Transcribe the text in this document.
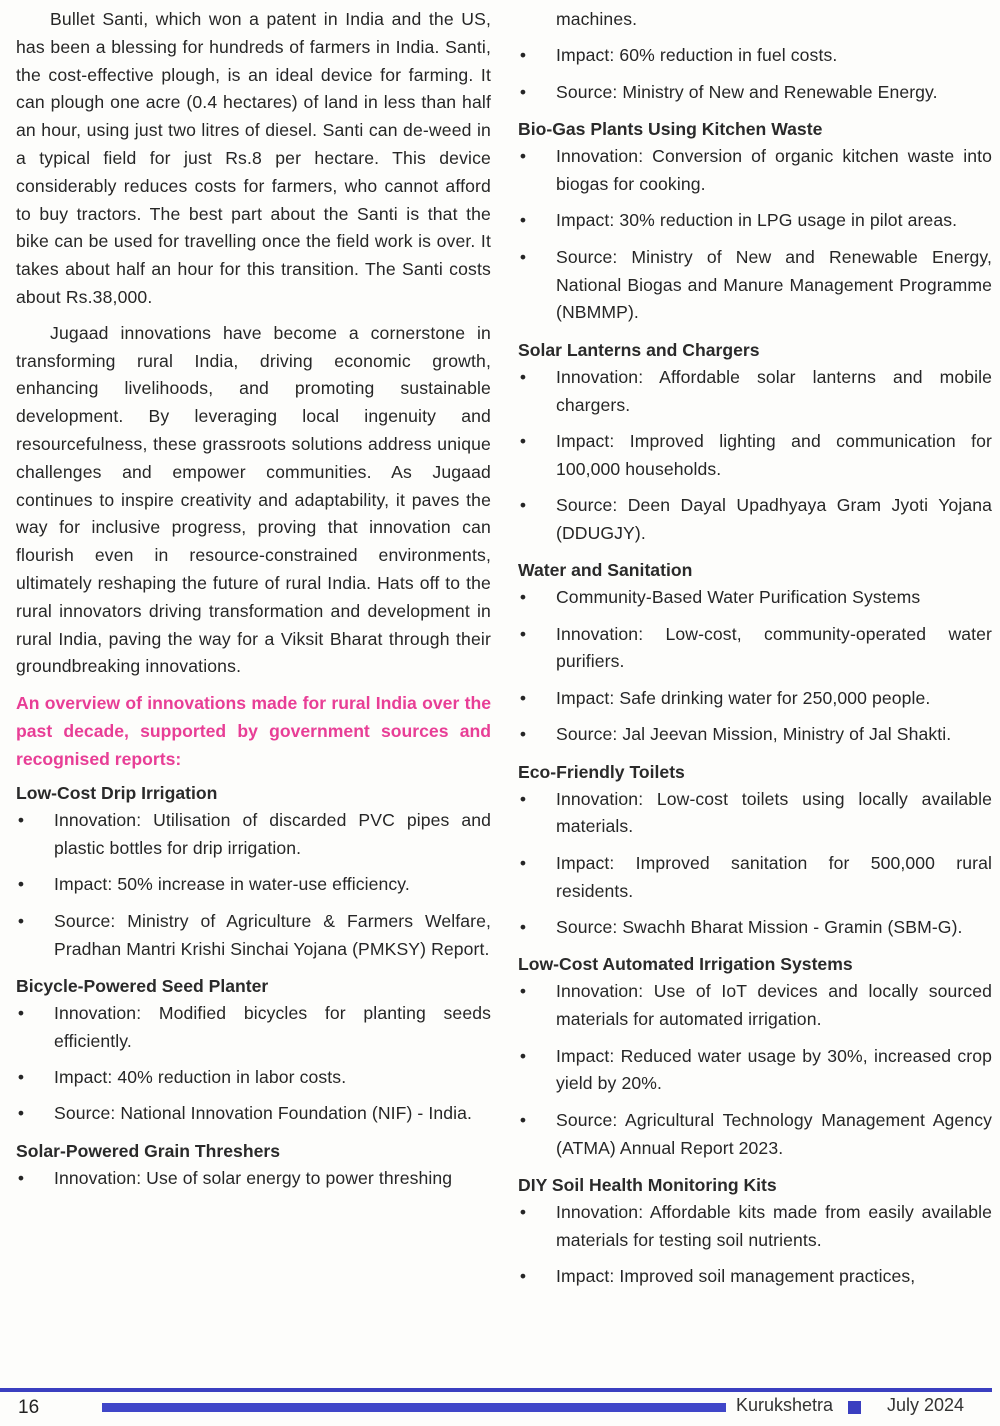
Bullet Santi, which won a patent in India and the US, has been a blessing for hundreds of farmers in India. Santi, the cost-effective plough, is an ideal device for farming. It can plough one acre (0.4 hectares) of land in less than half an hour, using just two litres of diesel. Santi can de-weed in a typical field for just Rs.8 per hectare. This device considerably reduces costs for farmers, who cannot afford to buy tractors. The best part about the Santi is that the bike can be used for travelling once the field work is over. It takes about half an hour for this transition. The Santi costs about Rs.38,000.

Jugaad innovations have become a cornerstone in transforming rural India, driving economic growth, enhancing livelihoods, and promoting sustainable development. By leveraging local ingenuity and resourcefulness, these grassroots solutions address unique challenges and empower communities. As Jugaad continues to inspire creativity and adaptability, it paves the way for inclusive progress, proving that innovation can flourish even in resource-constrained environments, ultimately reshaping the future of rural India. Hats off to the rural innovators driving transformation and development in rural India, paving the way for a Viksit Bharat through their groundbreaking innovations.

An overview of innovations made for rural India over the past decade, supported by government sources and recognised reports:

Low-Cost Drip Irrigation
• Innovation: Utilisation of discarded PVC pipes and plastic bottles for drip irrigation.
• Impact: 50% increase in water-use efficiency.
• Source: Ministry of Agriculture & Farmers Welfare, Pradhan Mantri Krishi Sinchai Yojana (PMKSY) Report.
Bicycle-Powered Seed Planter
• Innovation: Modified bicycles for planting seeds efficiently.
• Impact: 40% reduction in labor costs.
• Source: National Innovation Foundation (NIF) - India.
Solar-Powered Grain Threshers
• Innovation: Use of solar energy to power threshing
machines.
• Impact: 60% reduction in fuel costs.
• Source: Ministry of New and Renewable Energy.
Bio-Gas Plants Using Kitchen Waste
• Innovation: Conversion of organic kitchen waste into biogas for cooking.
• Impact: 30% reduction in LPG usage in pilot areas.
• Source: Ministry of New and Renewable Energy, National Biogas and Manure Management Programme (NBMMP).
Solar Lanterns and Chargers
• Innovation: Affordable solar lanterns and mobile chargers.
• Impact: Improved lighting and communication for 100,000 households.
• Source: Deen Dayal Upadhyaya Gram Jyoti Yojana (DDUGJY).
Water and Sanitation
• Community-Based Water Purification Systems
• Innovation: Low-cost, community-operated water purifiers.
• Impact: Safe drinking water for 250,000 people.
• Source: Jal Jeevan Mission, Ministry of Jal Shakti.
Eco-Friendly Toilets
• Innovation: Low-cost toilets using locally available materials.
• Impact: Improved sanitation for 500,000 rural residents.
• Source: Swachh Bharat Mission - Gramin (SBM-G).
Low-Cost Automated Irrigation Systems
• Innovation: Use of IoT devices and locally sourced materials for automated irrigation.
• Impact: Reduced water usage by 30%, increased crop yield by 20%.
• Source: Agricultural Technology Management Agency (ATMA) Annual Report 2023.
DIY Soil Health Monitoring Kits
• Innovation: Affordable kits made from easily available materials for testing soil nutrients.
• Impact: Improved soil management practices,
16	Kurukshetra	July 2024
